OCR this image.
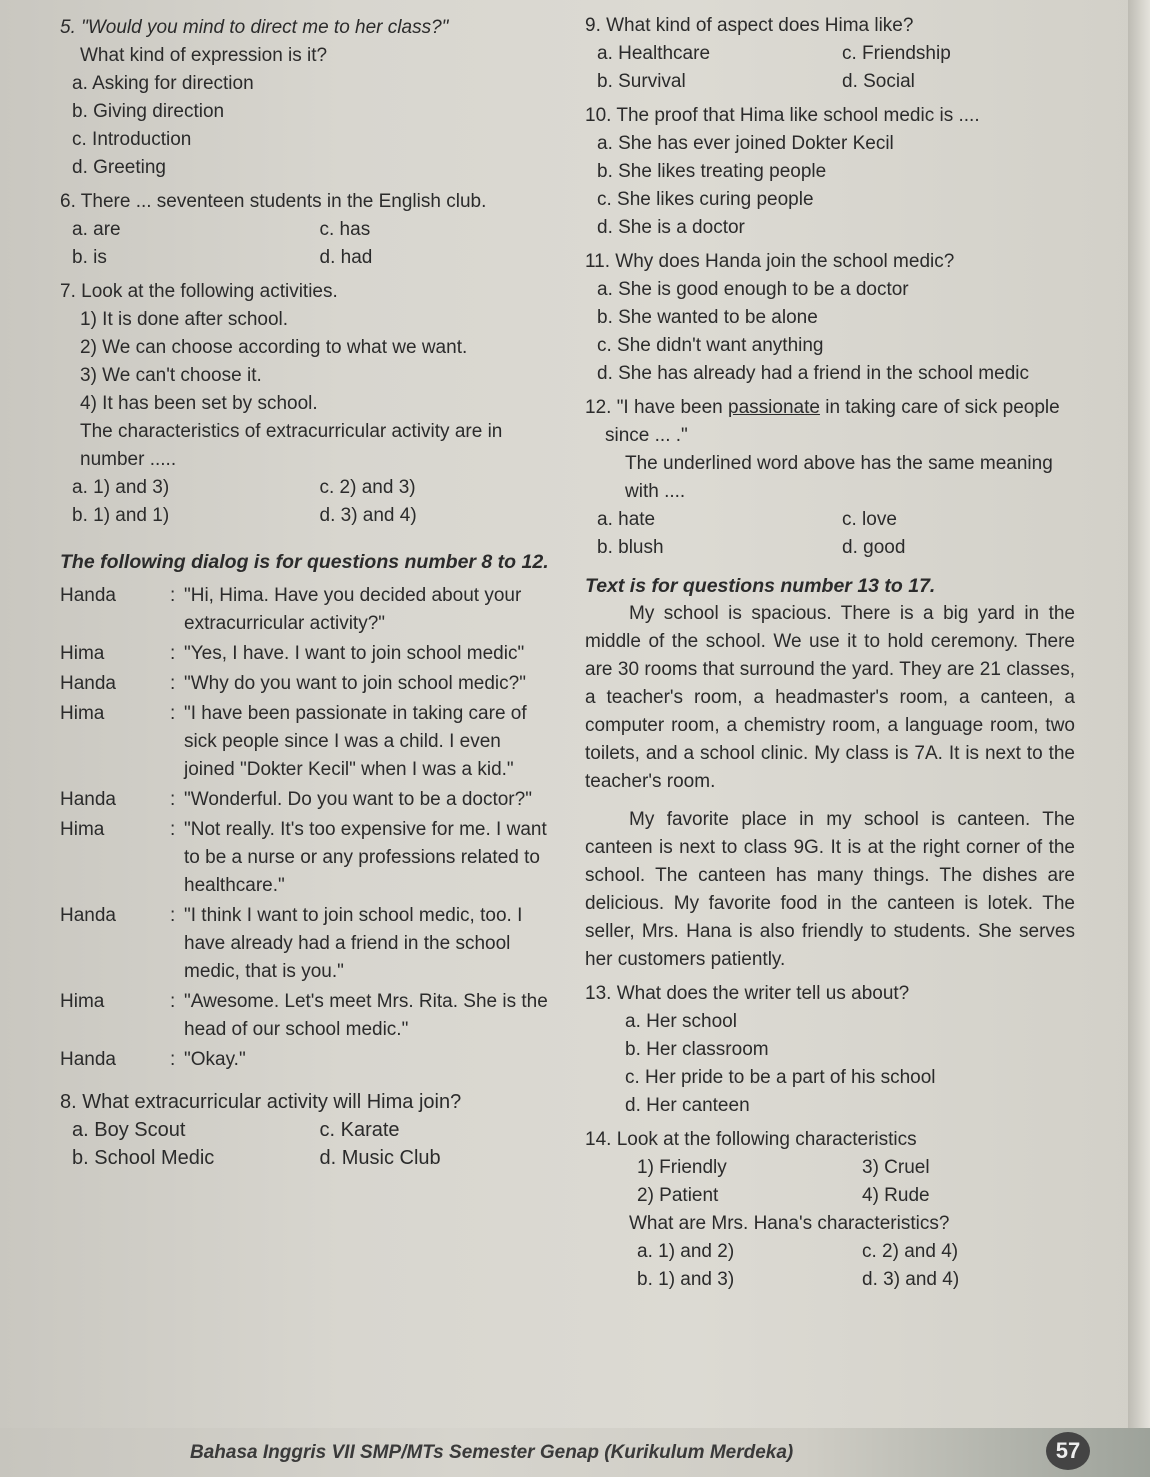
5. "Would you mind to direct me to her class?"
What kind of expression is it?
a. Asking for direction
b. Giving direction
c. Introduction
d. Greeting
6. There ... seventeen students in the English club.
a. are	c. has
b. is	d. had
7. Look at the following activities.
1) It is done after school.
2) We can choose according to what we want.
3) We can't choose it.
4) It has been set by school.
The characteristics of extracurricular activity are in number .....
a. 1) and 3)	c. 2) and 3)
b. 1) and 1)	d. 3) and 4)
The following dialog is for questions number 8 to 12.
Handa	: "Hi, Hima. Have you decided about your extracurricular activity?"
Hima	: "Yes, I have. I want to join school medic"
Handa	: "Why do you want to join school medic?"
Hima	: "I have been passionate in taking care of sick people since I was a child. I even joined "Dokter Kecil" when I was a kid."
Handa	: "Wonderful. Do you want to be a doctor?"
Hima	: "Not really. It's too expensive for me. I want to be a nurse or any professions related to healthcare."
Handa	: "I think I want to join school medic, too. I have already had a friend in the school medic, that is you."
Hima	: "Awesome. Let's meet Mrs. Rita. She is the head of our school medic."
Handa	: "Okay."
8. What extracurricular activity will Hima join?
a. Boy Scout	c. Karate
b. School Medic	d. Music Club
9. What kind of aspect does Hima like?
a. Healthcare	c. Friendship
b. Survival	d. Social
10. The proof that Hima like school medic is ....
a. She has ever joined Dokter Kecil
b. She likes treating people
c. She likes curing people
d. She is a doctor
11. Why does Handa join the school medic?
a. She is good enough to be a doctor
b. She wanted to be alone
c. She didn't want anything
d. She has already had a friend in the school medic
12. "I have been passionate in taking care of sick people since ... ."
The underlined word above has the same meaning with ....
a. hate	c. love
b. blush	d. good
Text is for questions number 13 to 17.
My school is spacious. There is a big yard in the middle of the school. We use it to hold ceremony. There are 30 rooms that surround the yard. They are 21 classes, a teacher's room, a headmaster's room, a canteen, a computer room, a chemistry room, a language room, two toilets, and a school clinic. My class is 7A. It is next to the teacher's room.
My favorite place in my school is canteen. The canteen is next to class 9G. It is at the right corner of the school. The canteen has many things. The dishes are delicious. My favorite food in the canteen is lotek. The seller, Mrs. Hana is also friendly to students. She serves her customers patiently.
13. What does the writer tell us about?
a. Her school
b. Her classroom
c. Her pride to be a part of his school
d. Her canteen
14. Look at the following characteristics
1) Friendly	3) Cruel
2) Patient	4) Rude
What are Mrs. Hana's characteristics?
a. 1) and 2)	c. 2) and 4)
b. 1) and 3)	d. 3) and 4)
Bahasa Inggris VII SMP/MTs Semester Genap (Kurikulum Merdeka)	57
